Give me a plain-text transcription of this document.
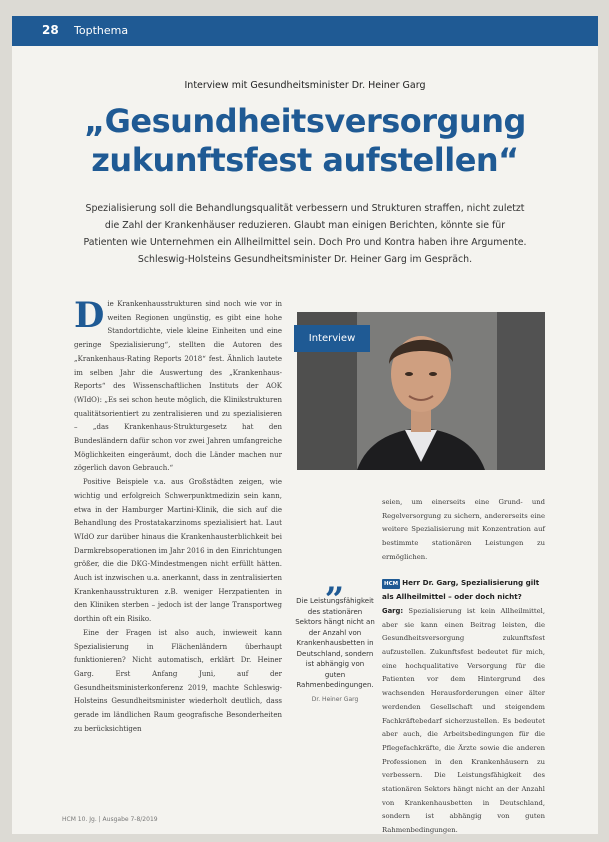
28 Topthema
Interview mit Gesundheitsminister Dr. Heiner Garg
„Gesundheitsversorgung
zukunftsfest aufstellen“
Spezialisierung soll die Behandlungsqualität verbessern und Strukturen straffen, nicht zuletzt die Zahl der Krankenhäuser reduzieren. Glaubt man einigen Berichten, könnte sie für Patienten wie Unternehmen ein Allheilmittel sein. Doch Pro und Kontra haben ihre Argumente. Schleswig-Holsteins Gesundheitsminister Dr. Heiner Garg im Gespräch.

Die Krankenhausstrukturen sind noch wie vor in weiten Regionen ungünstig, es gibt eine hohe Standortdichte, viele kleine Einheiten und eine geringe Spezialisierung“, stellten die Autoren des „Krankenhaus-Rating Reports 2018“ fest. Ähnlich lautete im selben Jahr die Auswertung des „Krankenhaus-Reports“ des Wissenschaftlichen Instituts der AOK (WIdO): „Es sei schon heute möglich, die Klinikstrukturen qualitätsorientiert zu zentralisieren und zu spezialisieren – „das Krankenhaus-Strukturgesetz hat den Bundesländern dafür schon vor zwei Jahren umfangreiche Möglichkeiten eingeräumt, doch die Länder machen nur zögerlich davon Gebrauch.“

Positive Beispiele v.a. aus Großstädten zeigen, wie wichtig und erfolgreich Schwerpunktmedizin sein kann, etwa in der Hamburger Martini-Klinik, die sich auf die Behandlung des Prostatakarzinoms spezialisiert hat. Laut WIdO zur darüber hinaus die Krankenhausterblichkeit bei Darmkrebsoperationen im Jahr 2016 in den Einrichtungen größer, die die DKG-Mindestmengen nicht erfüllt hätten. Auch ist inzwischen u.a. anerkannt, dass in zentralisierten Krankenhausstrukturen z.B. weniger Herzpatienten in den Kliniken sterben – jedoch ist der lange Transportweg dorthin oft ein Risiko.

Eine der Fragen ist also auch, inwieweit kann Spezialisierung in Flächenländern überhaupt funktionieren? Nicht automatisch, erklärt Dr. Heiner Garg. Erst Anfang Juni, auf der Gesundheitsministerkonferenz 2019, machte Schleswig-Holsteins Gesundheitsminister wiederholt deutlich, dass gerade im ländlichen Raum geografische Besonderheiten zu berücksichtigen

Interview
„
Die Leistungsfähigkeit des stationären Sektors hängt nicht an der Anzahl von Krankenhausbetten in Deutschland, sondern ist abhängig von guten Rahmenbedingungen.
Dr. Heiner Garg

seien, um einerseits eine Grund- und Regelversorgung zu sichern, andererseits eine weitere Spezialisierung mit Konzentration auf bestimmte stationären Leistungen zu ermöglichen.

HCM Herr Dr. Garg, Spezialisierung gilt als Allheilmittel – oder doch nicht?

Garg: Spezialisierung ist kein Allheilmittel, aber sie kann einen Beitrag leisten, die Gesundheitsversorgung zukunftsfest aufzustellen. Zukunftsfest bedeutet für mich, eine hochqualitative Versorgung für die Patienten vor dem Hintergrund des wachsenden Herausforderungen einer älter werdenden Gesellschaft und steigendem Fachkräftebedarf sicherzustellen. Es bedeutet aber auch, die Arbeitsbedingungen für die Pflegefachkräfte, die Ärzte sowie die anderen Professionen in den Krankenhäusern zu verbessern. Die Leistungsfähigkeit des stationären Sektors hängt nicht an der Anzahl von Krankenhausbetten in Deutschland, sondern ist abhängig von guten Rahmenbedingungen.

HCM 10. Jg. | Ausgabe 7-8/2019
